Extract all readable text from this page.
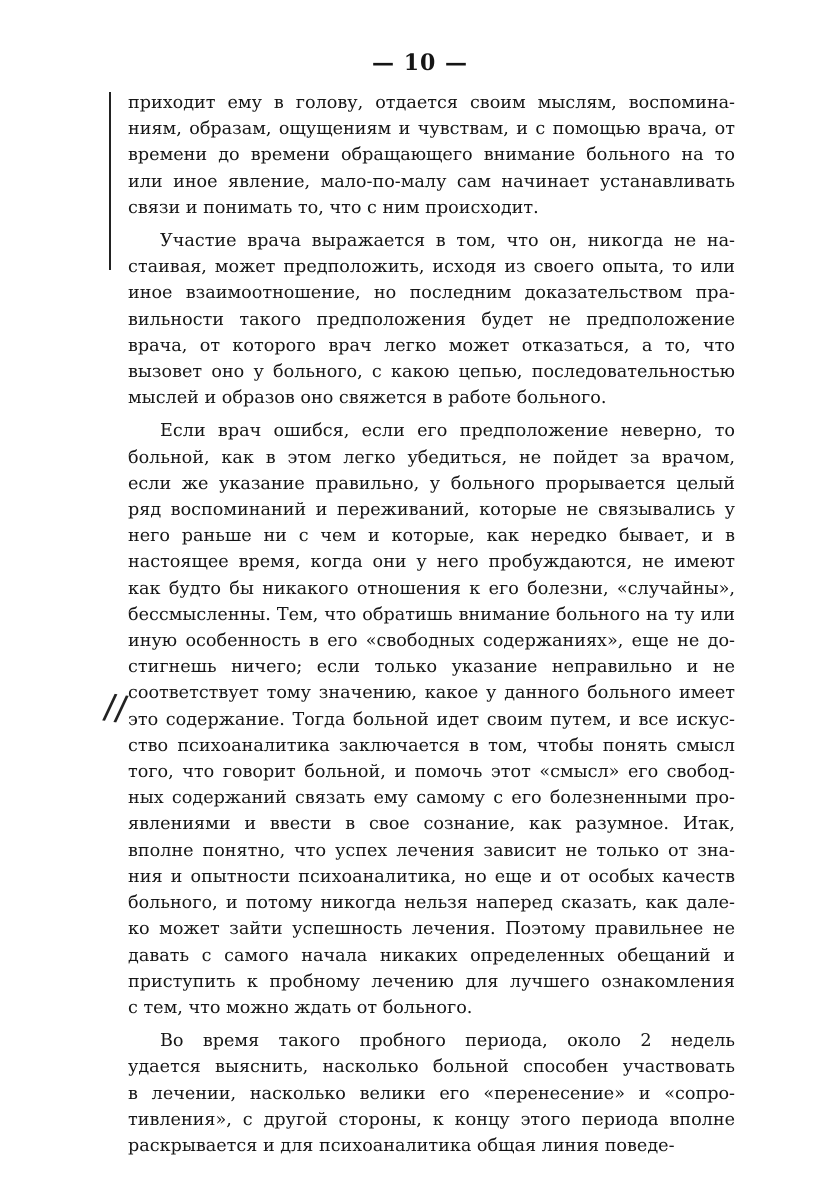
— 10 —
//
приходит ему в голову, отдается своим мыслям, воспомина-
ниям, образам, ощущениям и чувствам, и с помощью врача, от
времени до времени обращающего внимание больного на то
или иное явление, мало-по-малу сам начинает устанавливать
связи и понимать то, что с ним происходит.
Участие врача выражается в том, что он, никогда не на-
стаивая, может предположить, исходя из своего опыта, то или
иное взаимоотношение, но последним доказательством пра-
вильности такого предположения будет не предположение
врача, от которого врач легко может отказаться, а то, что
вызовет оно у больного, с какою цепью, последовательностью
мыслей и образов оно свяжется в работе больного.
Если врач ошибся, если его предположение неверно, то
больной, как в этом легко убедиться, не пойдет за врачом,
если же указание правильно, у больного прорывается целый
ряд воспоминаний и переживаний, которые не связывались у
него раньше ни с чем и которые, как нередко бывает, и в
настоящее время, когда они у него пробуждаются, не имеют
как будто бы никакого отношения к его болезни, «случайны»,
бессмысленны. Тем, что обратишь внимание больного на ту или
иную особенность в его «свободных содержаниях», еще не до-
стигнешь ничего; если только указание неправильно и не
соответствует тому значению, какое у данного больного имеет
это содержание. Тогда больной идет своим путем, и все искус-
ство психоаналитика заключается в том, чтобы понять смысл
того, что говорит больной, и помочь этот «смысл» его свобод-
ных содержаний связать ему самому с его болезненными про-
явлениями и ввести в свое сознание, как разумное. Итак,
вполне понятно, что успех лечения зависит не только от зна-
ния и опытности психоаналитика, но еще и от особых качеств
больного, и потому никогда нельзя наперед сказать, как дале-
ко может зайти успешность лечения. Поэтому правильнее не
давать с самого начала никаких определенных обещаний и
приступить к пробному лечению для лучшего ознакомления
с тем, что можно ждать от больного.
Во время такого пробного периода, около 2 недель
удается выяснить, насколько больной способен участвовать
в лечении, насколько велики его «перенесение» и «сопро-
тивления», с другой стороны, к концу этого периода вполне
раскрывается и для психоаналитика общая линия поведе-
